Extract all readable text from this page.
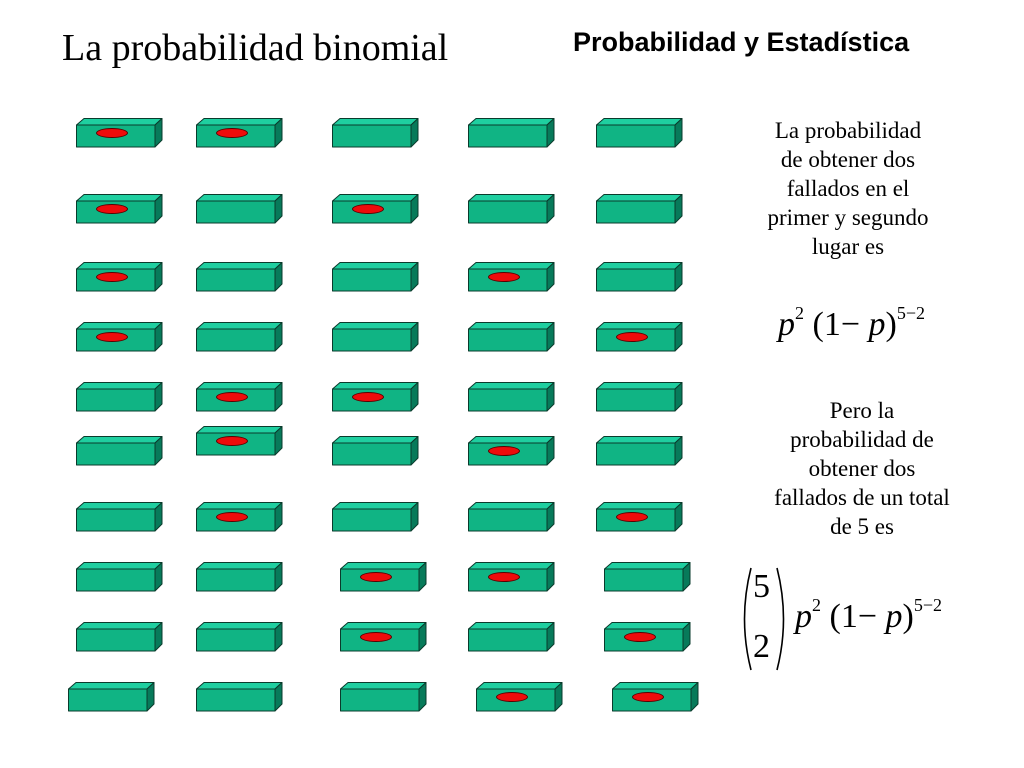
La probabilidad binomial	Probabilidad y Estadística
La probabilidad
de obtener dos
fallados en el
primer y segundo
lugar es
$p^2$ $(1- p)^{5-2}$
Pero la
probabilidad de
obtener dos
fallados de un total
de 5 es
5
2
$p^2$ $(1- p)^{5-2}$
